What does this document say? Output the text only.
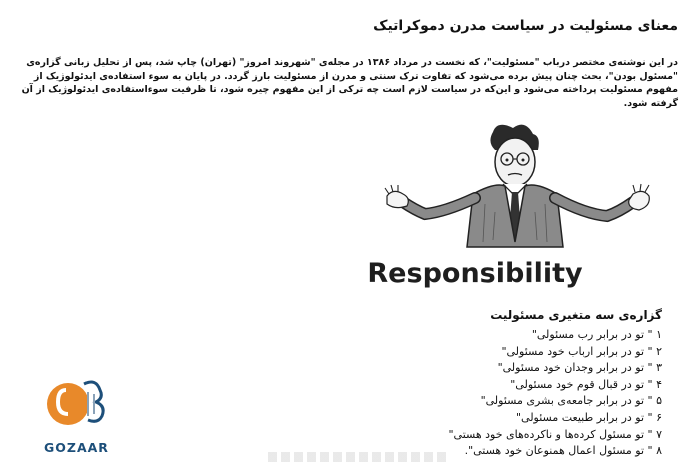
معنای مسئولیت در سیاست مدرن دموکراتیک

در این نوشته‌ی مختصر درباب "مسئولیت"، که نخست در مرداد ۱۳۸۶ در مجله‌ی "شهروند امروز" (تهران) چاپ شد، پس از تحلیل زبانی گزاره‌ی "مسئول بودن"، بحث چنان پیش برده می‌شود که تفاوت ترک سنتی و مدرن از مسئولیت بارز گردد. در پایان به سوء استفاده‌ی ایدئولوژیک از مفهوم مسئولیت پرداخته می‌شود و این‌که در سیاست لازم است چه ترکی از این مفهوم چیره شود، تا ظرفیت سوء‌استفاده‌ی ایدئولوژیک از آن گرفته شود.

Responsibility
گزاره‌ی سه متغیری مسئولیت
۱ " تو در برابر رب مسئولی"
۲ " تو در برابر ارباب خود مسئولی"
۳ " تو در برابر وجدان خود مسئولی"
۴ " تو در قبال قوم خود مسئولی"
۵ " تو در برابر جامعه‌ی بشری مسئولی"
۶ " تو در برابر طبیعت مسئولی"
۷ " تو مسئول کرده‌ها و ناکرده‌های خود هستی"
۸ " تو مسئول اعمال همنوعان خود هستی".
GOZAAR
